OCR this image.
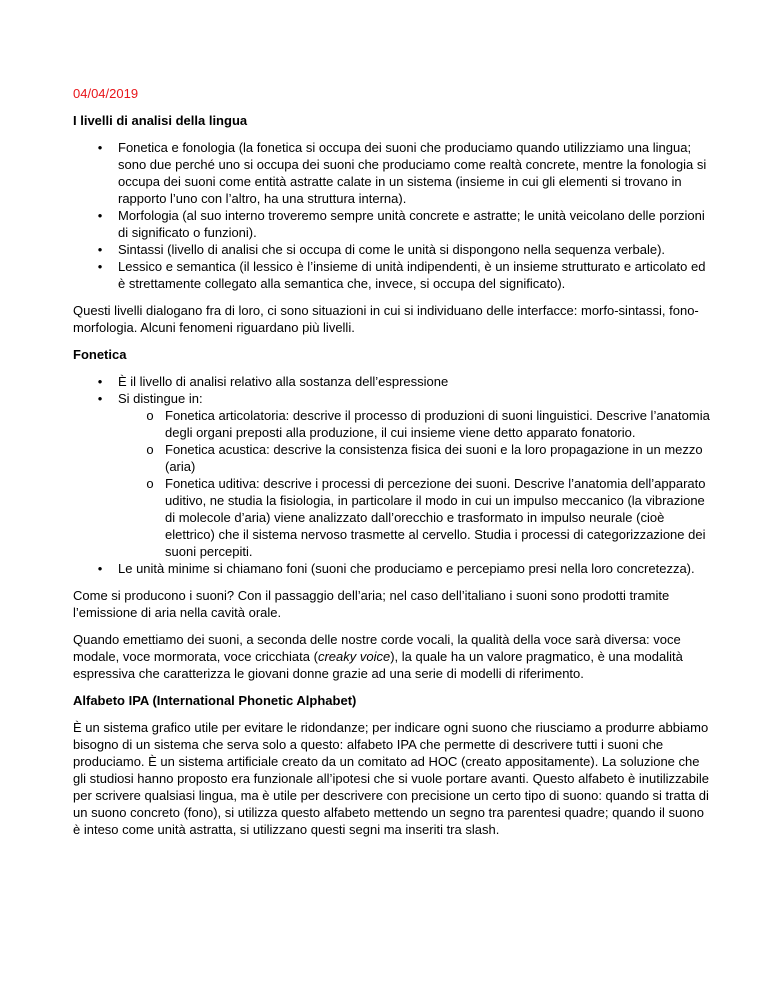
04/04/2019

I livelli di analisi della lingua

•	Fonetica e fonologia (la fonetica si occupa dei suoni che produciamo quando utilizziamo una lingua; sono due perché uno si occupa dei suoni che produciamo come realtà concrete, mentre la fonologia si occupa dei suoni come entità astratte calate in un sistema (insieme in cui gli elementi si trovano in rapporto l’uno con l’altro, ha una struttura interna).
•	Morfologia (al suo interno troveremo sempre unità concrete e astratte; le unità veicolano delle porzioni di significato o funzioni).
•	Sintassi (livello di analisi che si occupa di come le unità si dispongono nella sequenza verbale).
•	Lessico e semantica (il lessico è l’insieme di unità indipendenti, è un insieme strutturato e articolato ed è strettamente collegato alla semantica che, invece, si occupa del significato).

Questi livelli dialogano fra di loro, ci sono situazioni in cui si individuano delle interfacce: morfo-sintassi, fono-morfologia. Alcuni fenomeni riguardano più livelli.

Fonetica

•	È il livello di analisi relativo alla sostanza dell’espressione
•	Si distingue in:
o Fonetica articolatoria: descrive il processo di produzioni di suoni linguistici. Descrive l’anatomia degli organi preposti alla produzione, il cui insieme viene detto apparato fonatorio.
o Fonetica acustica: descrive la consistenza fisica dei suoni e la loro propagazione in un mezzo (aria)
o Fonetica uditiva: descrive i processi di percezione dei suoni. Descrive l’anatomia dell’apparato uditivo, ne studia la fisiologia, in particolare il modo in cui un impulso meccanico (la vibrazione di molecole d’aria) viene analizzato dall’orecchio e trasformato in impulso neurale (cioè elettrico) che il sistema nervoso trasmette al cervello. Studia i processi di categorizzazione dei suoni percepiti.
•	Le unità minime si chiamano foni (suoni che produciamo e percepiamo presi nella loro concretezza).

Come si producono i suoni? Con il passaggio dell’aria; nel caso dell’italiano i suoni sono prodotti tramite l’emissione di aria nella cavità orale.

Quando emettiamo dei suoni, a seconda delle nostre corde vocali, la qualità della voce sarà diversa: voce modale, voce mormorata, voce cricchiata (creaky voice), la quale ha un valore pragmatico, è una modalità espressiva che caratterizza le giovani donne grazie ad una serie di modelli di riferimento.

Alfabeto IPA (International Phonetic Alphabet)

È un sistema grafico utile per evitare le ridondanze; per indicare ogni suono che riusciamo a produrre abbiamo bisogno di un sistema che serva solo a questo: alfabeto IPA che permette di descrivere tutti i suoni che produciamo. È un sistema artificiale creato da un comitato ad HOC (creato appositamente). La soluzione che gli studiosi hanno proposto era funzionale all’ipotesi che si vuole portare avanti. Questo alfabeto è inutilizzabile per scrivere qualsiasi lingua, ma è utile per descrivere con precisione un certo tipo di suono: quando si tratta di un suono concreto (fono), si utilizza questo alfabeto mettendo un segno tra parentesi quadre; quando il suono è inteso come unità astratta, si utilizzano questi segni ma inseriti tra slash.
